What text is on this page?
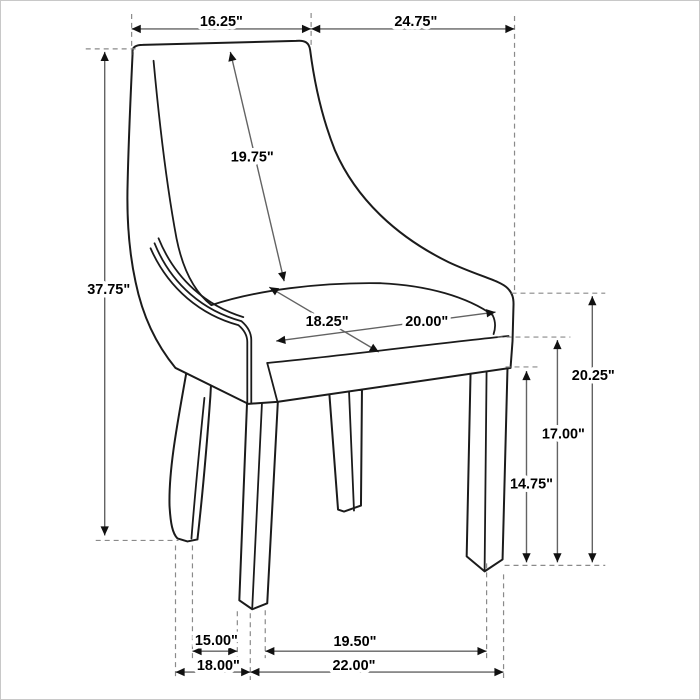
16.25"	24.75"
37.75"
19.75"
18.25"	20.00"
20.25"
17.00"
14.75"
15.00"	19.50"
18.00"	22.00"
